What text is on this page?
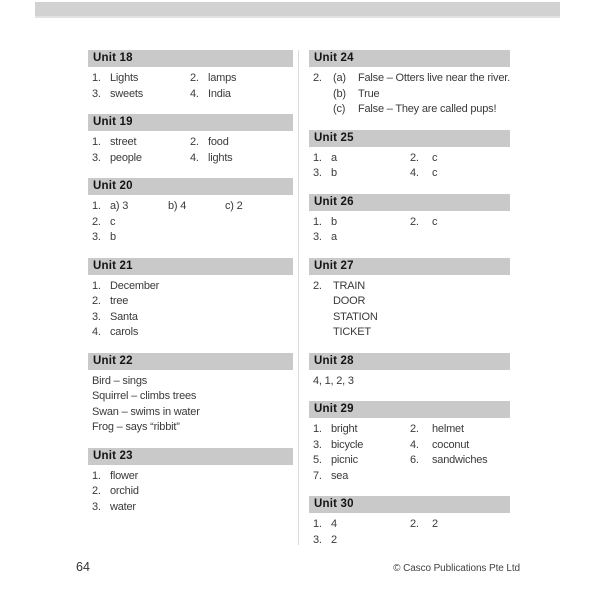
Unit 18
1. Lights	2. lamps
3. sweets	4. India
Unit 19
1. street	2. food
3. people	4. lights
Unit 20
1. a) 3	b) 4	c) 2
2. c
3. b
Unit 21
1. December
2. tree
3. Santa
4. carols
Unit 22
Bird – sings
Squirrel – climbs trees
Swan – swims in water
Frog – says “ribbit”
Unit 23
1. flower
2. orchid
3. water
Unit 24
2.	(a)	False – Otters live near the river.
(b)	True
(c)	False – They are called pups!
Unit 25
1. a	2.	c
3. b	4.	c
Unit 26
1. b	2.	c
3. a
Unit 27
2.	TRAIN
DOOR
STATION
TICKET
Unit 28
4, 1, 2, 3
Unit 29
1. bright	2.	helmet
3. bicycle	4.	coconut
5. picnic	6.	sandwiches
7. sea
Unit 30
1. 4	2.	2
3. 2
64	© Casco Publications Pte Ltd
